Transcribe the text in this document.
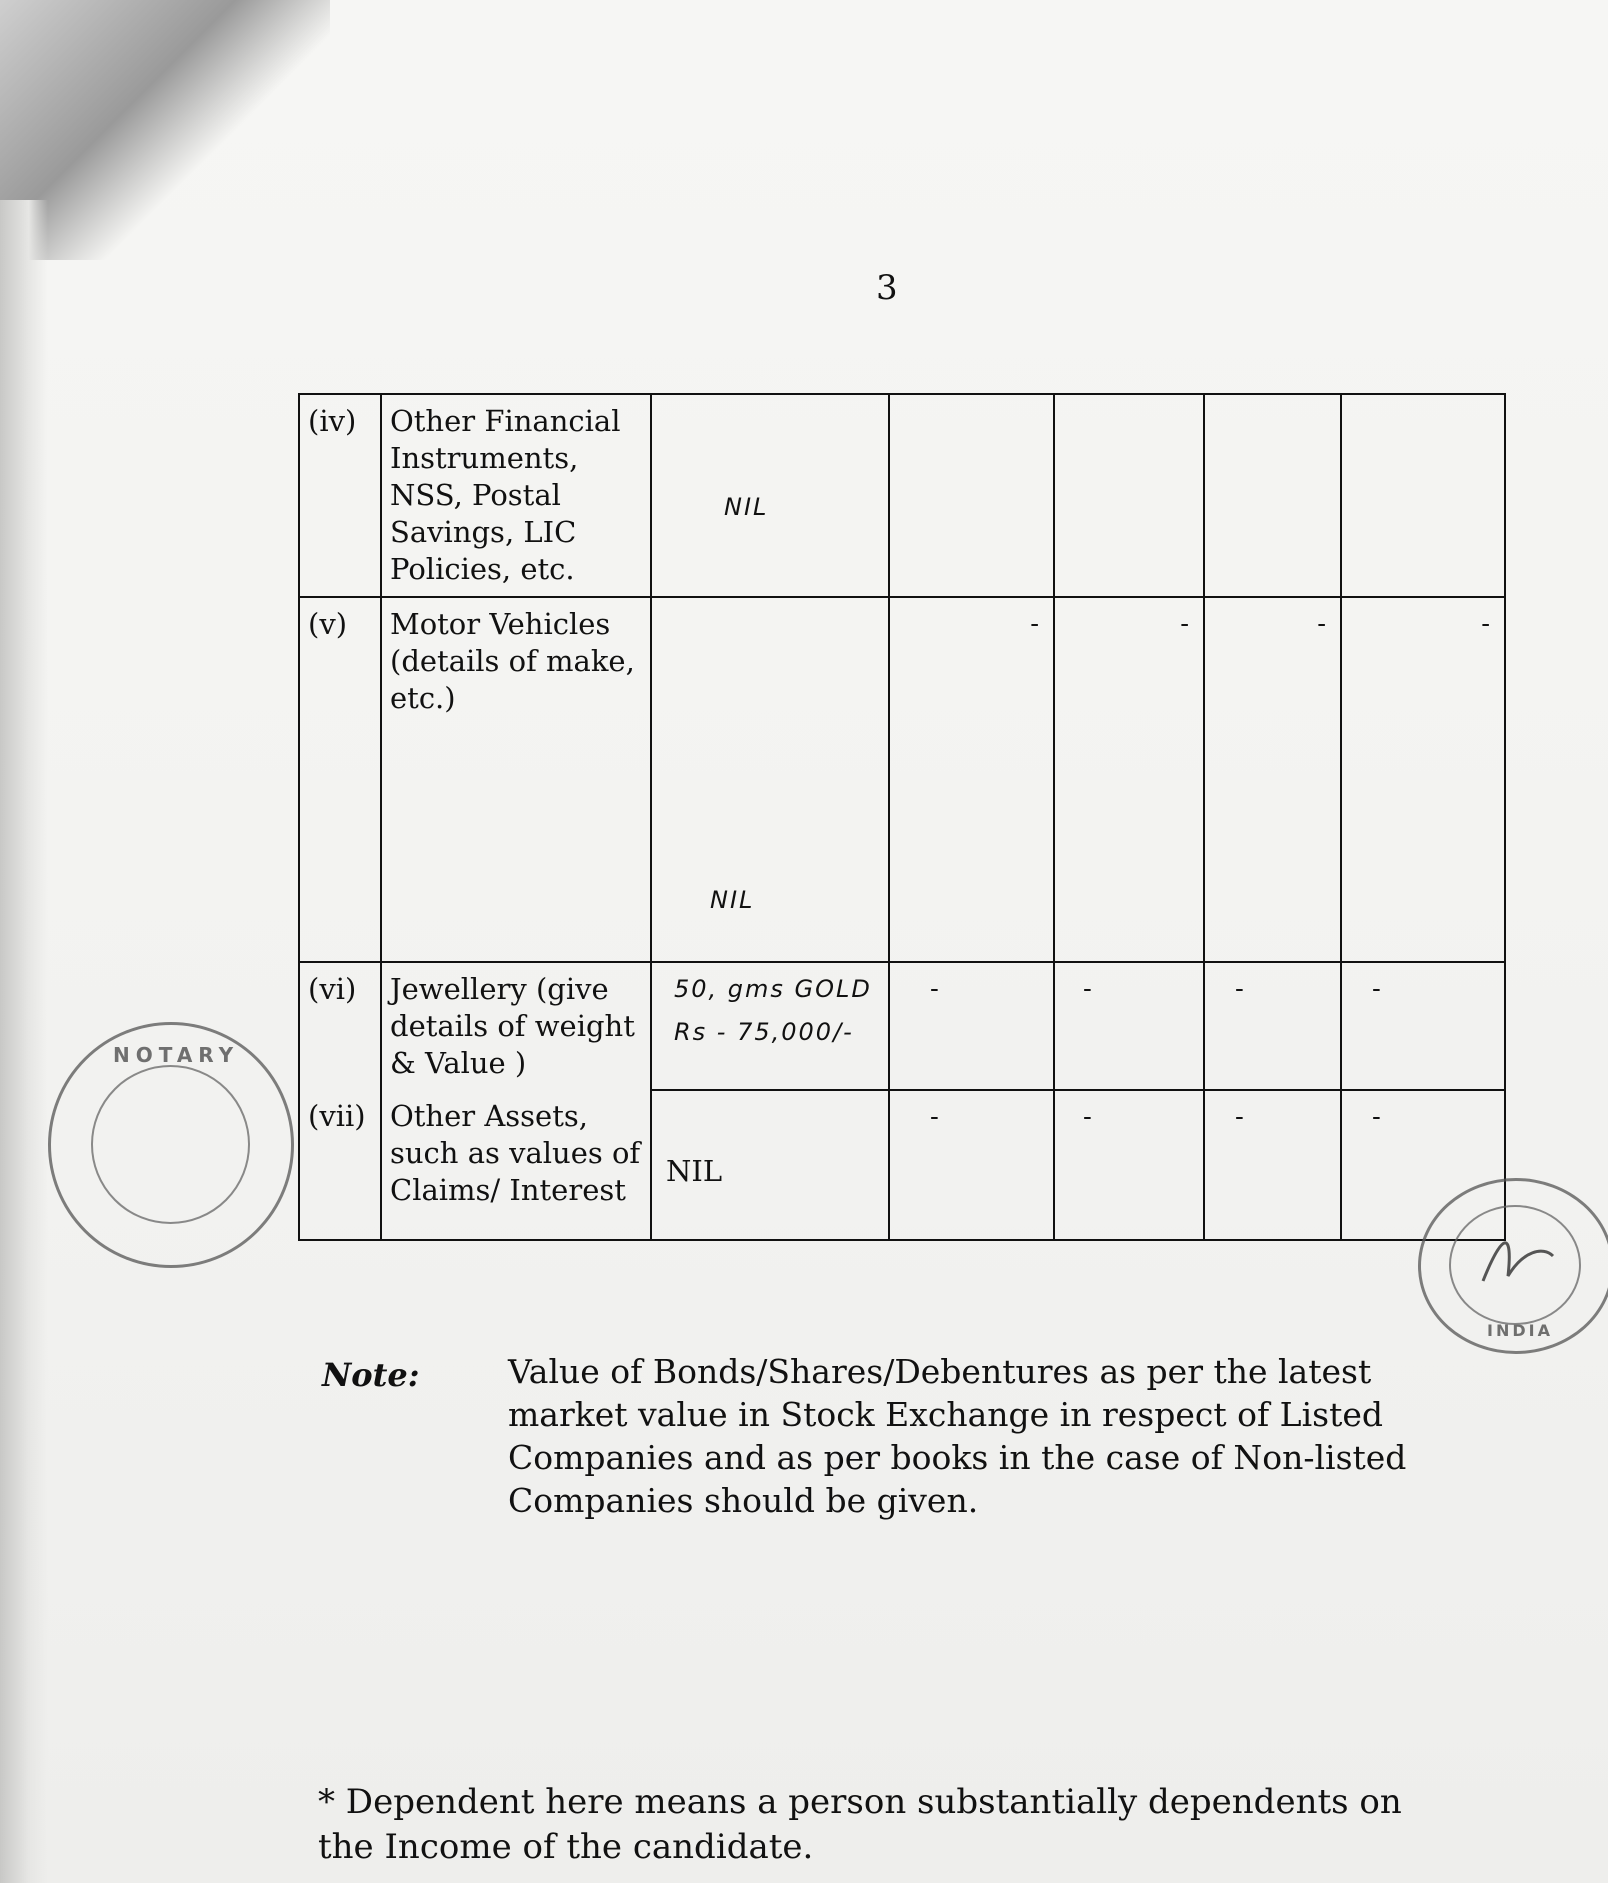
3
(iv)	Other Financial Instruments, NSS, Postal Savings, LIC Policies, etc.	NIL	

(v)	Motor Vehicles (details of make, etc.)	NIL	-	-	-	-

(vi)	Jewellery (give details of weight & Value )	50, gms GOLD
Rs - 75,000/-	-	-	-	-

(vii)	Other Assets, such as values of Claims/ Interest	NIL	-	-	-	-
NOTARY
INDIA
Note:	Value of Bonds/Shares/Debentures as per the latest market value in Stock Exchange in respect of Listed Companies and as per books in the case of Non-listed Companies should be given.
* Dependent here means a person substantially dependents on the Income of the candidate.
